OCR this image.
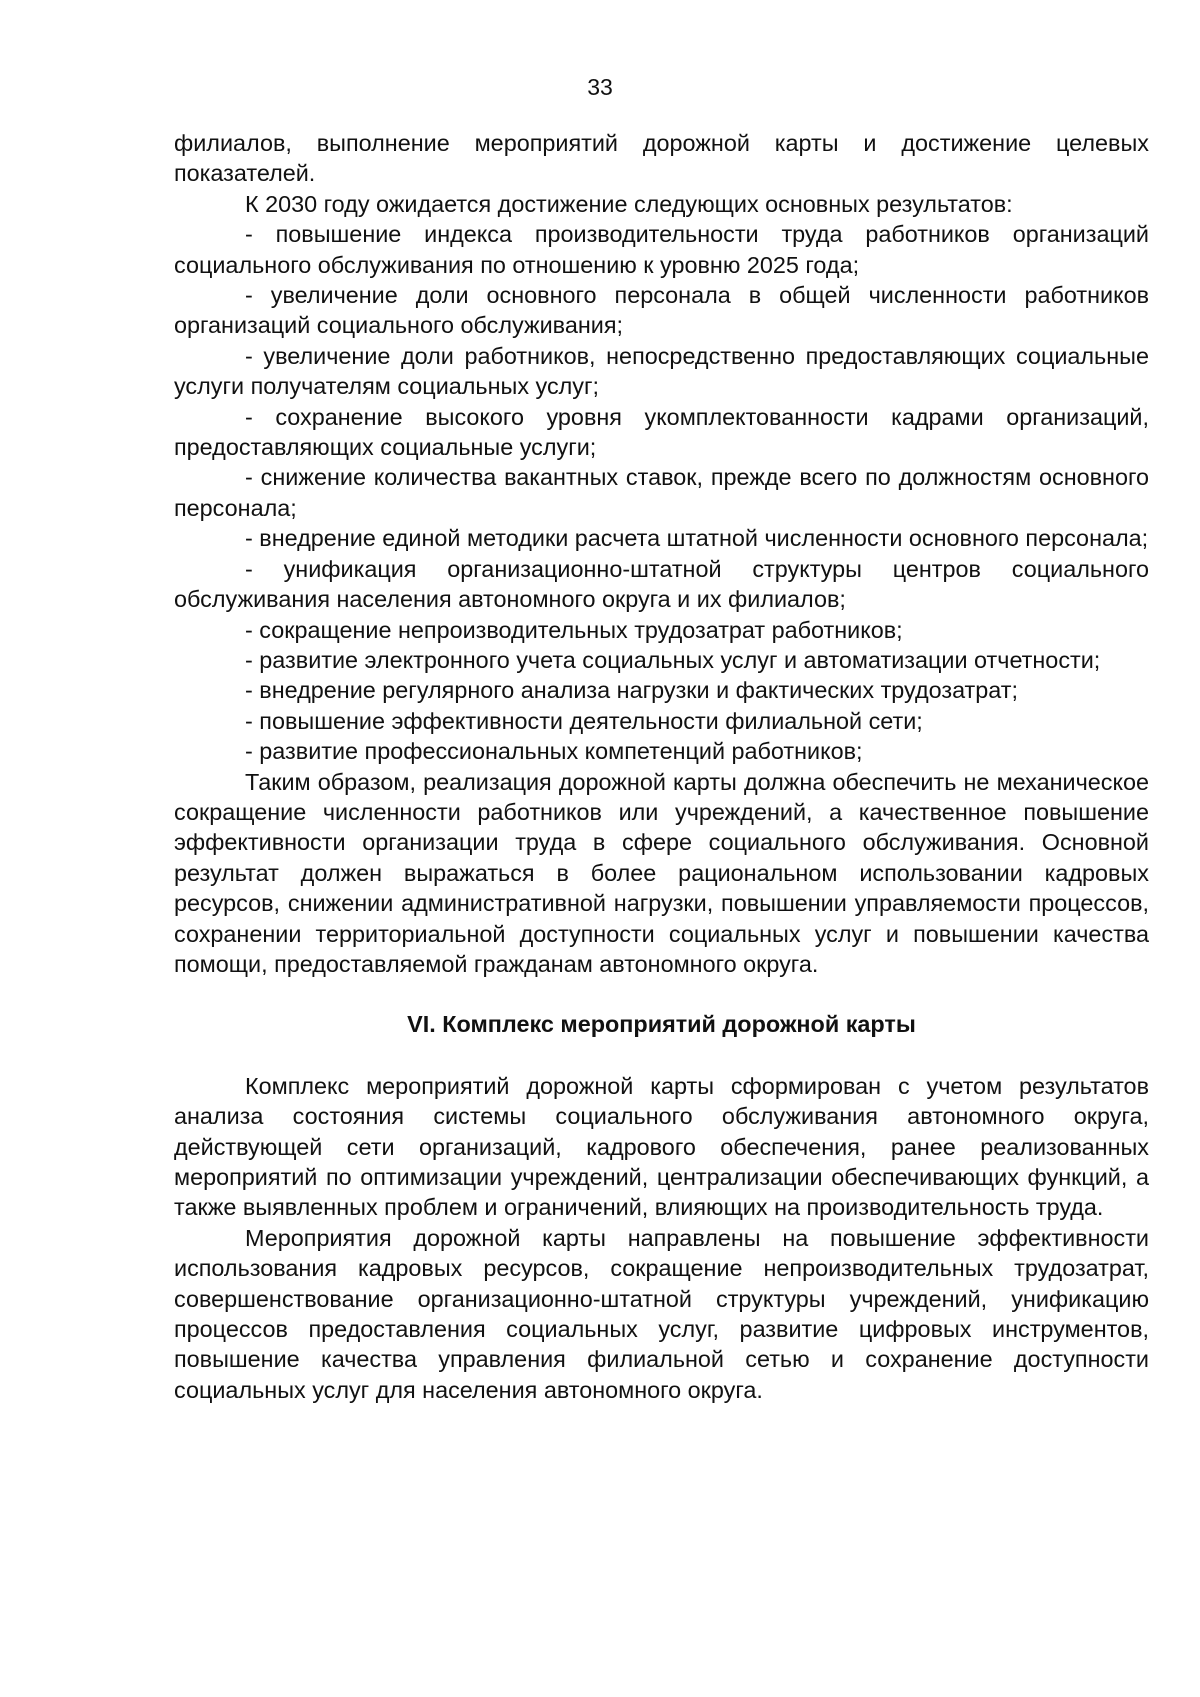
33

филиалов, выполнение мероприятий дорожной карты и достижение целевых показателей.

К 2030 году ожидается достижение следующих основных результатов:

- повышение индекса производительности труда работников организаций социального обслуживания по отношению к уровню 2025 года;

- увеличение доли основного персонала в общей численности работников организаций социального обслуживания;

- увеличение доли работников, непосредственно предоставляющих социальные услуги получателям социальных услуг;

- сохранение высокого уровня укомплектованности кадрами организаций, предоставляющих социальные услуги;

- снижение количества вакантных ставок, прежде всего по должностям основного персонала;

- внедрение единой методики расчета штатной численности основного персонала;

- унификация организационно-штатной структуры центров социального обслуживания населения автономного округа и их филиалов;

- сокращение непроизводительных трудозатрат работников;

- развитие электронного учета социальных услуг и автоматизации отчетности;

- внедрение регулярного анализа нагрузки и фактических трудозатрат;

- повышение эффективности деятельности филиальной сети;

- развитие профессиональных компетенций работников;

Таким образом, реализация дорожной карты должна обеспечить не механическое сокращение численности работников или учреждений, а качественное повышение эффективности организации труда в сфере социального обслуживания. Основной результат должен выражаться в более рациональном использовании кадровых ресурсов, снижении административной нагрузки, повышении управляемости процессов, сохранении территориальной доступности социальных услуг и повышении качества помощи, предоставляемой гражданам автономного округа.

VI. Комплекс мероприятий дорожной карты

Комплекс мероприятий дорожной карты сформирован с учетом результатов анализа состояния системы социального обслуживания автономного округа, действующей сети организаций, кадрового обеспечения, ранее реализованных мероприятий по оптимизации учреждений, централизации обеспечивающих функций, а также выявленных проблем и ограничений, влияющих на производительность труда.

Мероприятия дорожной карты направлены на повышение эффективности использования кадровых ресурсов, сокращение непроизводительных трудозатрат, совершенствование организационно-штатной структуры учреждений, унификацию процессов предоставления социальных услуг, развитие цифровых инструментов, повышение качества управления филиальной сетью и сохранение доступности социальных услуг для населения автономного округа.
